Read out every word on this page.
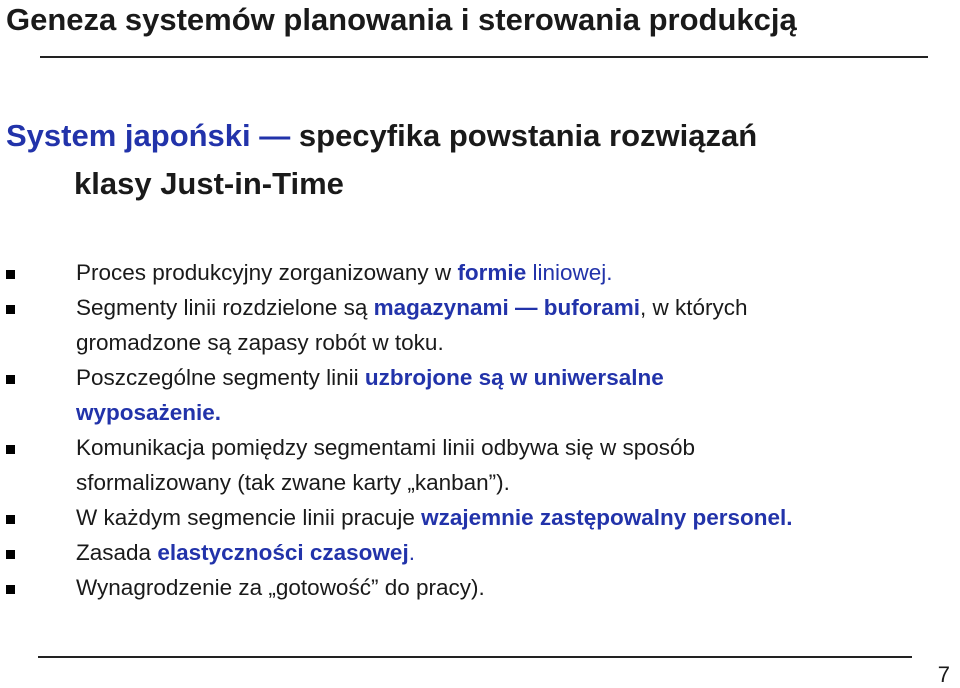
Geneza systemów planowania i sterowania produkcją
System japoński — specyfika powstania rozwiązań
klasy Just-in-Time
Proces produkcyjny zorganizowany w formie liniowej.
Segmenty linii rozdzielone są magazynami — buforami, w których
gromadzone są zapasy robót w toku.
Poszczególne segmenty linii uzbrojone są w uniwersalne
wyposażenie.
Komunikacja pomiędzy segmentami linii odbywa się w sposób
sformalizowany (tak zwane karty „kanban”).
W każdym segmencie linii pracuje wzajemnie zastępowalny personel.
Zasada elastyczności czasowej.
Wynagrodzenie za „gotowość” do pracy).
7
